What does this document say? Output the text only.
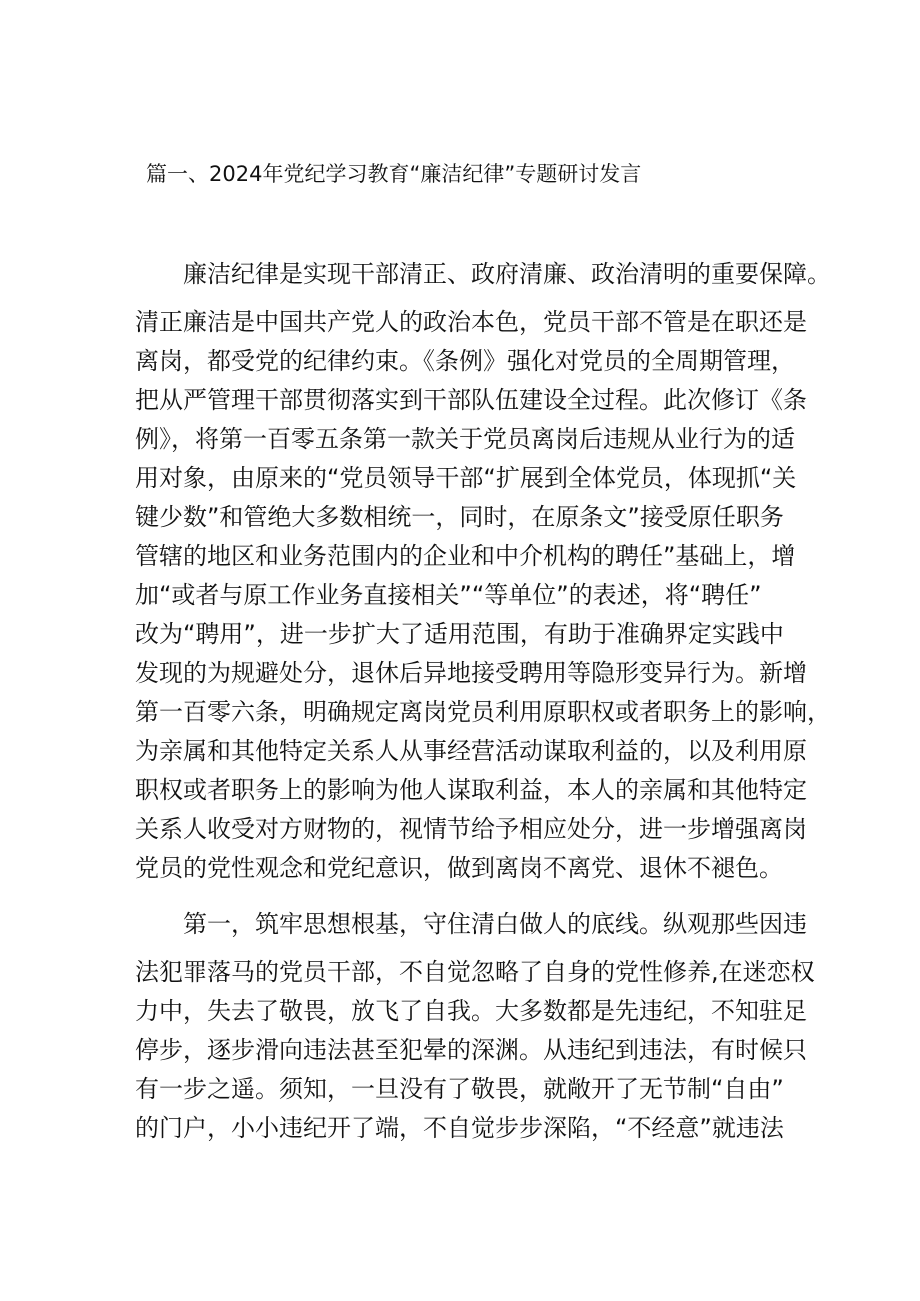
篇一、2024年党纪学习教育“廉洁纪律”专题研讨发言
廉洁纪律是实现干部清正、政府清廉、政治清明的重要保障。
清正廉洁是中国共产党人的政治本色，党员干部不管是在职还是
离岗，都受党的纪律约束。《条例》强化对党员的全周期管理，
把从严管理干部贯彻落实到干部队伍建设全过程。此次修订《条
例》，将第一百零五条第一款关于党员离岗后违规从业行为的适
用对象，由原来的“党员领导干部“扩展到全体党员，体现抓“关
键少数”和管绝大多数相统一，同时，在原条文”接受原任职务
管辖的地区和业务范围内的企业和中介机构的聘任”基础上，增
加“或者与原工作业务直接相关”“等单位”的表述，将“聘任”
改为“聘用”，进一步扩大了适用范围，有助于准确界定实践中
发现的为规避处分，退休后异地接受聘用等隐形变异行为。新增
第一百零六条，明确规定离岗党员利用原职权或者职务上的影响，
为亲属和其他特定关系人从事经营活动谋取利益的，以及利用原
职权或者职务上的影响为他人谋取利益，本人的亲属和其他特定
关系人收受对方财物的，视情节给予相应处分，进一步增强离岗
党员的党性观念和党纪意识，做到离岗不离党、退休不褪色。
第一，筑牢思想根基，守住清白做人的底线。纵观那些因违
法犯罪落马的党员干部，不自觉忽略了自身的党性修养,在迷恋权
力中，失去了敬畏，放飞了自我。大多数都是先违纪，不知驻足
停步，逐步滑向违法甚至犯晕的深渊。从违纪到违法，有时候只
有一步之遥。须知，一旦没有了敬畏，就敞开了无节制“自由”
的门户，小小违纪开了端，不自觉步步深陷，“不经意”就违法
